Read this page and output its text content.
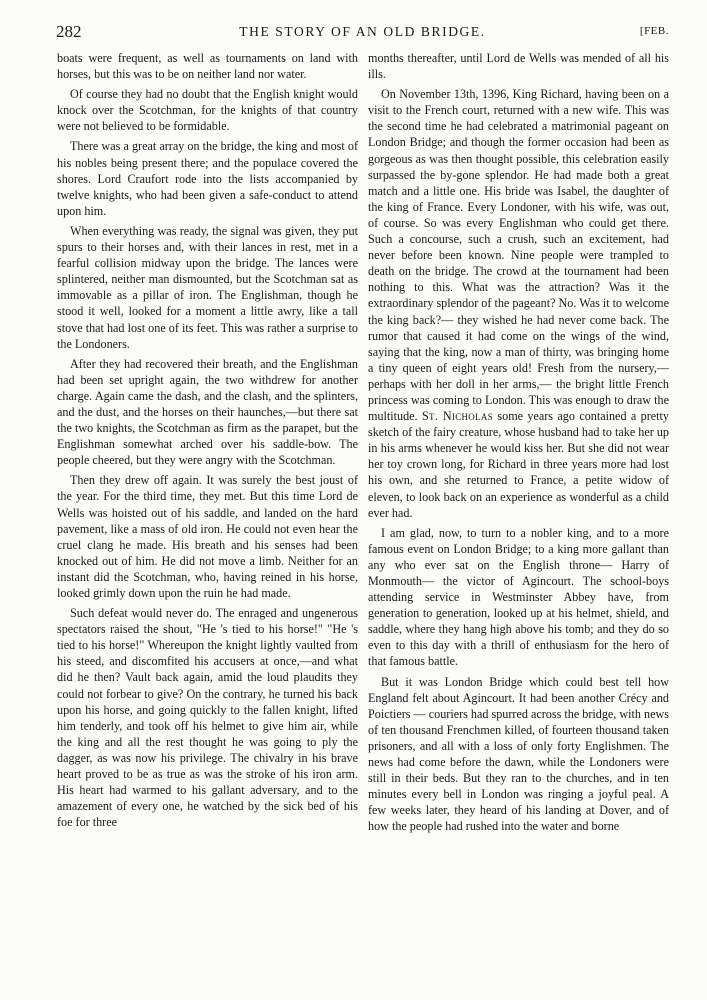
282	THE STORY OF AN OLD BRIDGE.	[FEB.

boats were frequent, as well as tournaments on land with horses, but this was to be on neither land nor water.

Of course they had no doubt that the English knight would knock over the Scotchman, for the knights of that country were not believed to be formidable.

There was a great array on the bridge, the king and most of his nobles being present there; and the populace covered the shores. Lord Craufort rode into the lists accompanied by twelve knights, who had been given a safe-conduct to attend upon him.

When everything was ready, the signal was given, they put spurs to their horses and, with their lances in rest, met in a fearful collision midway upon the bridge. The lances were splintered, neither man dismounted, but the Scotchman sat as immovable as a pillar of iron. The Englishman, though he stood it well, looked for a moment a little awry, like a tall stove that had lost one of its feet. This was rather a surprise to the Londoners.

After they had recovered their breath, and the Englishman had been set upright again, the two withdrew for another charge. Again came the dash, and the clash, and the splinters, and the dust, and the horses on their haunches,—but there sat the two knights, the Scotchman as firm as the parapet, but the Englishman somewhat arched over his saddle-bow. The people cheered, but they were angry with the Scotchman.

Then they drew off again. It was surely the best joust of the year. For the third time, they met. But this time Lord de Wells was hoisted out of his saddle, and landed on the hard pavement, like a mass of old iron. He could not even hear the cruel clang he made. His breath and his senses had been knocked out of him. He did not move a limb. Neither for an instant did the Scotchman, who, having reined in his horse, looked grimly down upon the ruin he had made.

Such defeat would never do. The enraged and ungenerous spectators raised the shout, "He 's tied to his horse!" "He 's tied to his horse!" Whereupon the knight lightly vaulted from his steed, and discomfited his accusers at once,—and what did he then? Vault back again, amid the loud plaudits they could not forbear to give? On the contrary, he turned his back upon his horse, and going quickly to the fallen knight, lifted him tenderly, and took off his helmet to give him air, while the king and all the rest thought he was going to ply the dagger, as was now his privilege. The chivalry in his brave heart proved to be as true as was the stroke of his iron arm. His heart had warmed to his gallant adversary, and to the amazement of every one, he watched by the sick bed of his foe for three

months thereafter, until Lord de Wells was mended of all his ills.

On November 13th, 1396, King Richard, having been on a visit to the French court, returned with a new wife. This was the second time he had celebrated a matrimonial pageant on London Bridge; and though the former occasion had been as gorgeous as was then thought possible, this celebration easily surpassed the by-gone splendor. He had made both a great match and a little one. His bride was Isabel, the daughter of the king of France. Every Londoner, with his wife, was out, of course. So was every Englishman who could get there. Such a concourse, such a crush, such an excitement, had never before been known. Nine people were trampled to death on the bridge. The crowd at the tournament had been nothing to this. What was the attraction? Was it the extraordinary splendor of the pageant? No. Was it to welcome the king back?— they wished he had never come back. The rumor that caused it had come on the wings of the wind, saying that the king, now a man of thirty, was bringing home a tiny queen of eight years old! Fresh from the nursery,—perhaps with her doll in her arms,— the bright little French princess was coming to London. This was enough to draw the multitude. St. Nicholas some years ago contained a pretty sketch of the fairy creature, whose husband had to take her up in his arms whenever he would kiss her. But she did not wear her toy crown long, for Richard in three years more had lost his own, and she returned to France, a petite widow of eleven, to look back on an experience as wonderful as a child ever had.

I am glad, now, to turn to a nobler king, and to a more famous event on London Bridge; to a king more gallant than any who ever sat on the English throne— Harry of Monmouth— the victor of Agincourt. The school-boys attending service in Westminster Abbey have, from generation to generation, looked up at his helmet, shield, and saddle, where they hang high above his tomb; and they do so even to this day with a thrill of enthusiasm for the hero of that famous battle.

But it was London Bridge which could best tell how England felt about Agincourt. It had been another Crécy and Poictiers — couriers had spurred across the bridge, with news of ten thousand Frenchmen killed, of fourteen thousand taken prisoners, and all with a loss of only forty Englishmen. The news had come before the dawn, while the Londoners were still in their beds. But they ran to the churches, and in ten minutes every bell in London was ringing a joyful peal. A few weeks later, they heard of his landing at Dover, and of how the people had rushed into the water and borne
